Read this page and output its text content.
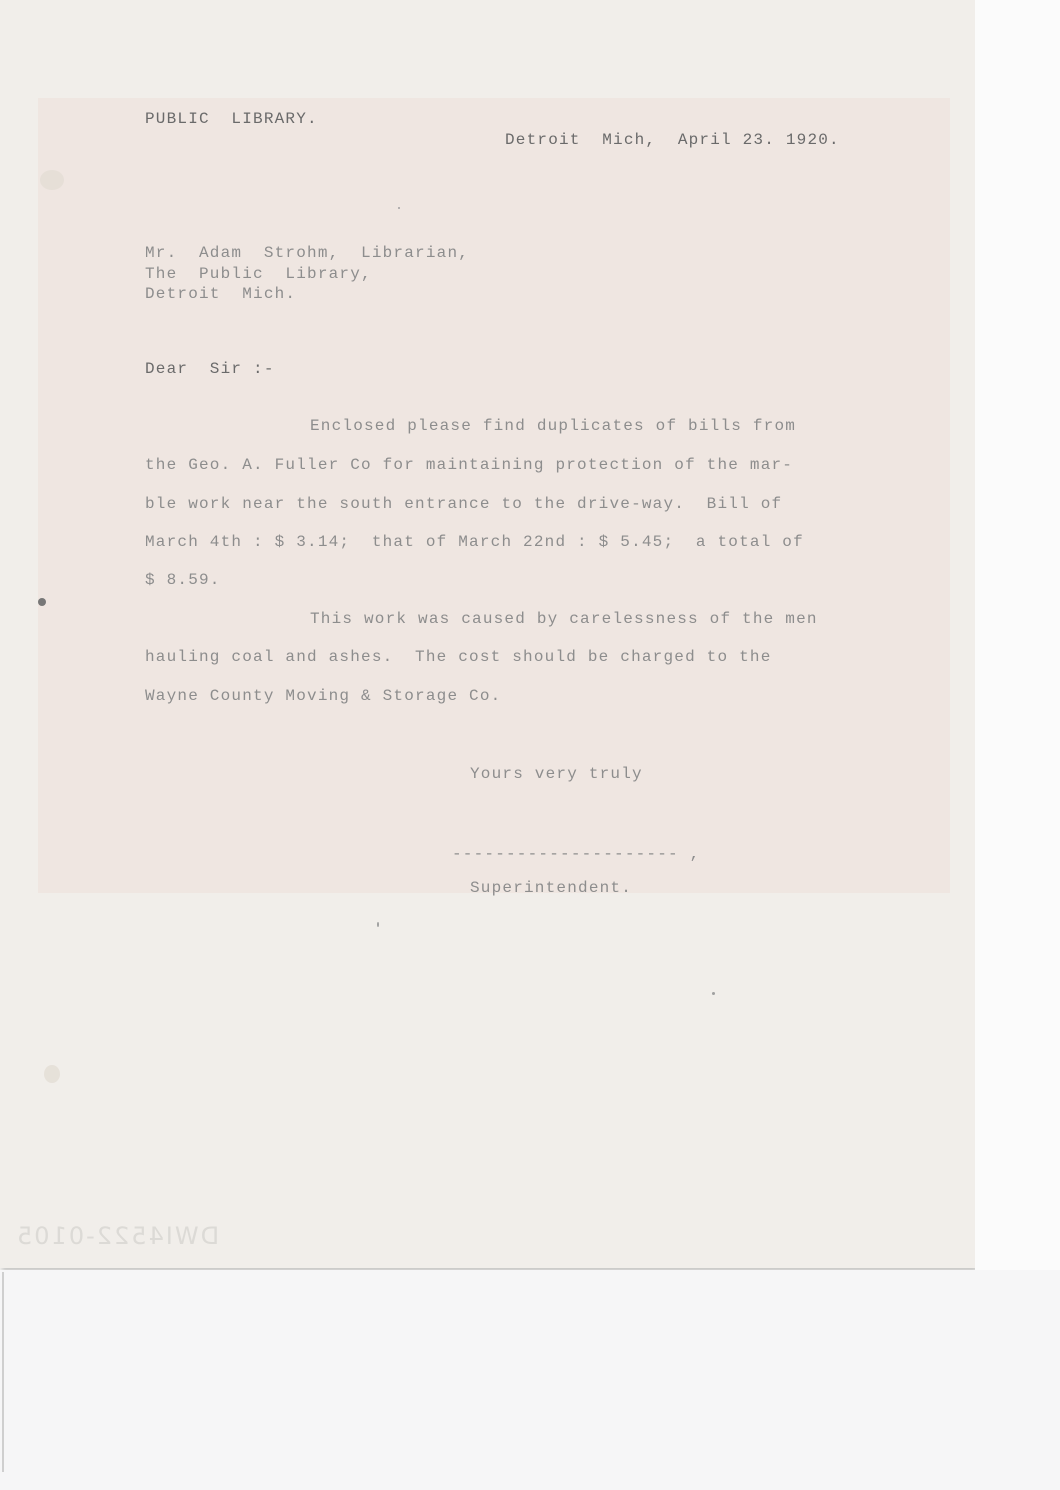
PUBLIC  LIBRARY.
Detroit  Mich,  April 23. 1920.
Mr.  Adam  Strohm,  Librarian,
The  Public  Library,
Detroit  Mich.
Dear  Sir :-
Enclosed please find duplicates of bills from
the Geo. A. Fuller Co for maintaining protection of the mar-
ble work near the south entrance to the drive-way.  Bill of
March 4th : $ 3.14;  that of March 22nd : $ 5.45;  a total of
$ 8.59.
This work was caused by carelessness of the men
hauling coal and ashes.  The cost should be charged to the
Wayne County Moving & Storage Co.
Yours very truly
--------------------- ,
Superintendent.
DWI4522-0105
